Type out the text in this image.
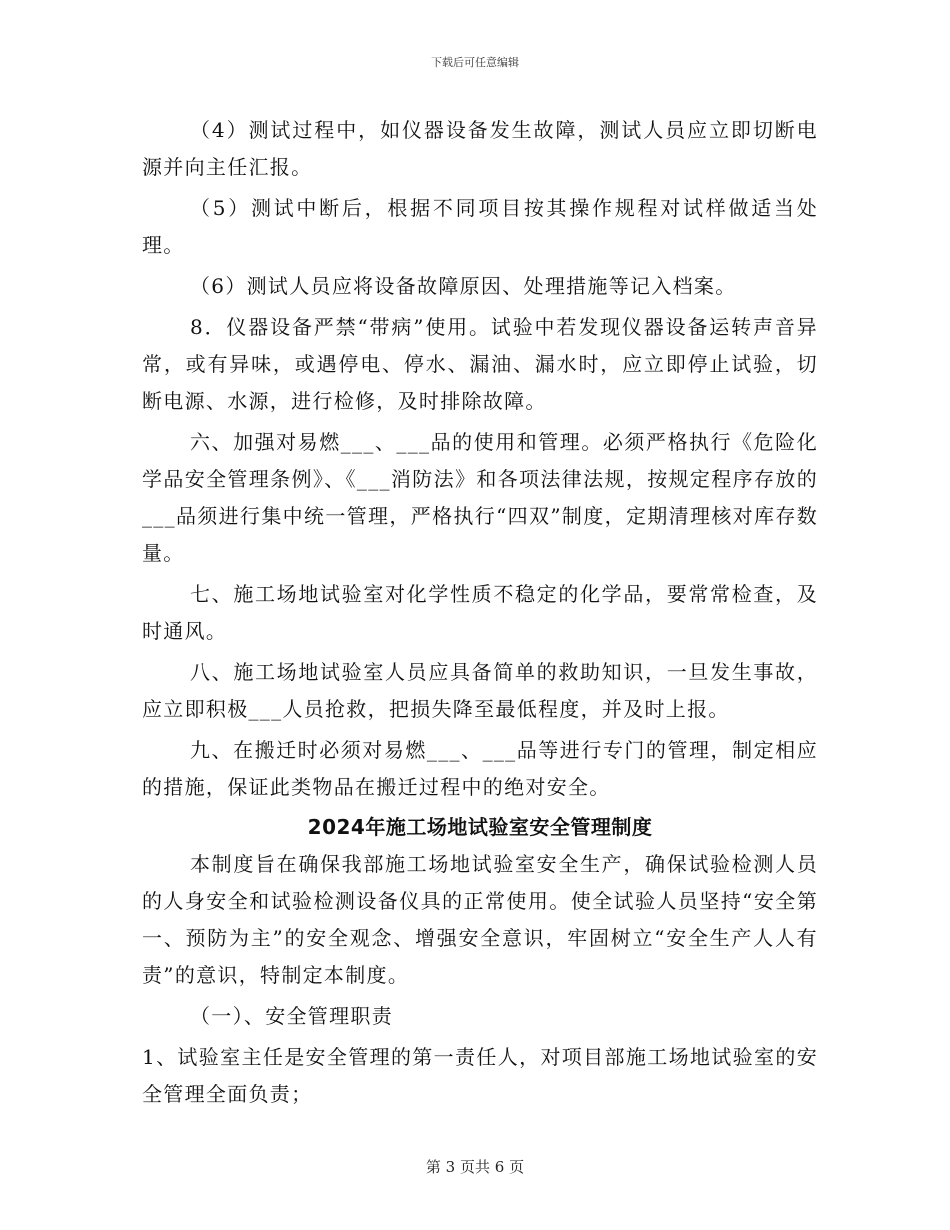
下载后可任意编辑

（4）测试过程中，如仪器设备发生故障，测试人员应立即切断电源并向主任汇报。

（5）测试中断后，根据不同项目按其操作规程对试样做适当处理。

（6）测试人员应将设备故障原因、处理措施等记入档案。

8．仪器设备严禁“带病”使用。试验中若发现仪器设备运转声音异常，或有异味，或遇停电、停水、漏油、漏水时，应立即停止试验，切断电源、水源，进行检修，及时排除故障。

六、加强对易燃___、___品的使用和管理。必须严格执行《危险化学品安全管理条例》、《___消防法》和各项法律法规，按规定程序存放的___品须进行集中统一管理，严格执行“四双”制度，定期清理核对库存数量。

七、施工场地试验室对化学性质不稳定的化学品，要常常检查，及时通风。

八、施工场地试验室人员应具备简单的救助知识，一旦发生事故，应立即积极___人员抢救，把损失降至最低程度，并及时上报。

九、在搬迁时必须对易燃___、___品等进行专门的管理，制定相应的措施，保证此类物品在搬迁过程中的绝对安全。

2024年施工场地试验室安全管理制度

本制度旨在确保我部施工场地试验室安全生产，确保试验检测人员的人身安全和试验检测设备仪具的正常使用。使全试验人员坚持“安全第一、预防为主”的安全观念、增强安全意识，牢固树立“安全生产人人有责”的意识，特制定本制度。

（一）、安全管理职责

1、试验室主任是安全管理的第一责任人，对项目部施工场地试验室的安全管理全面负责；

第 3 页共 6 页
